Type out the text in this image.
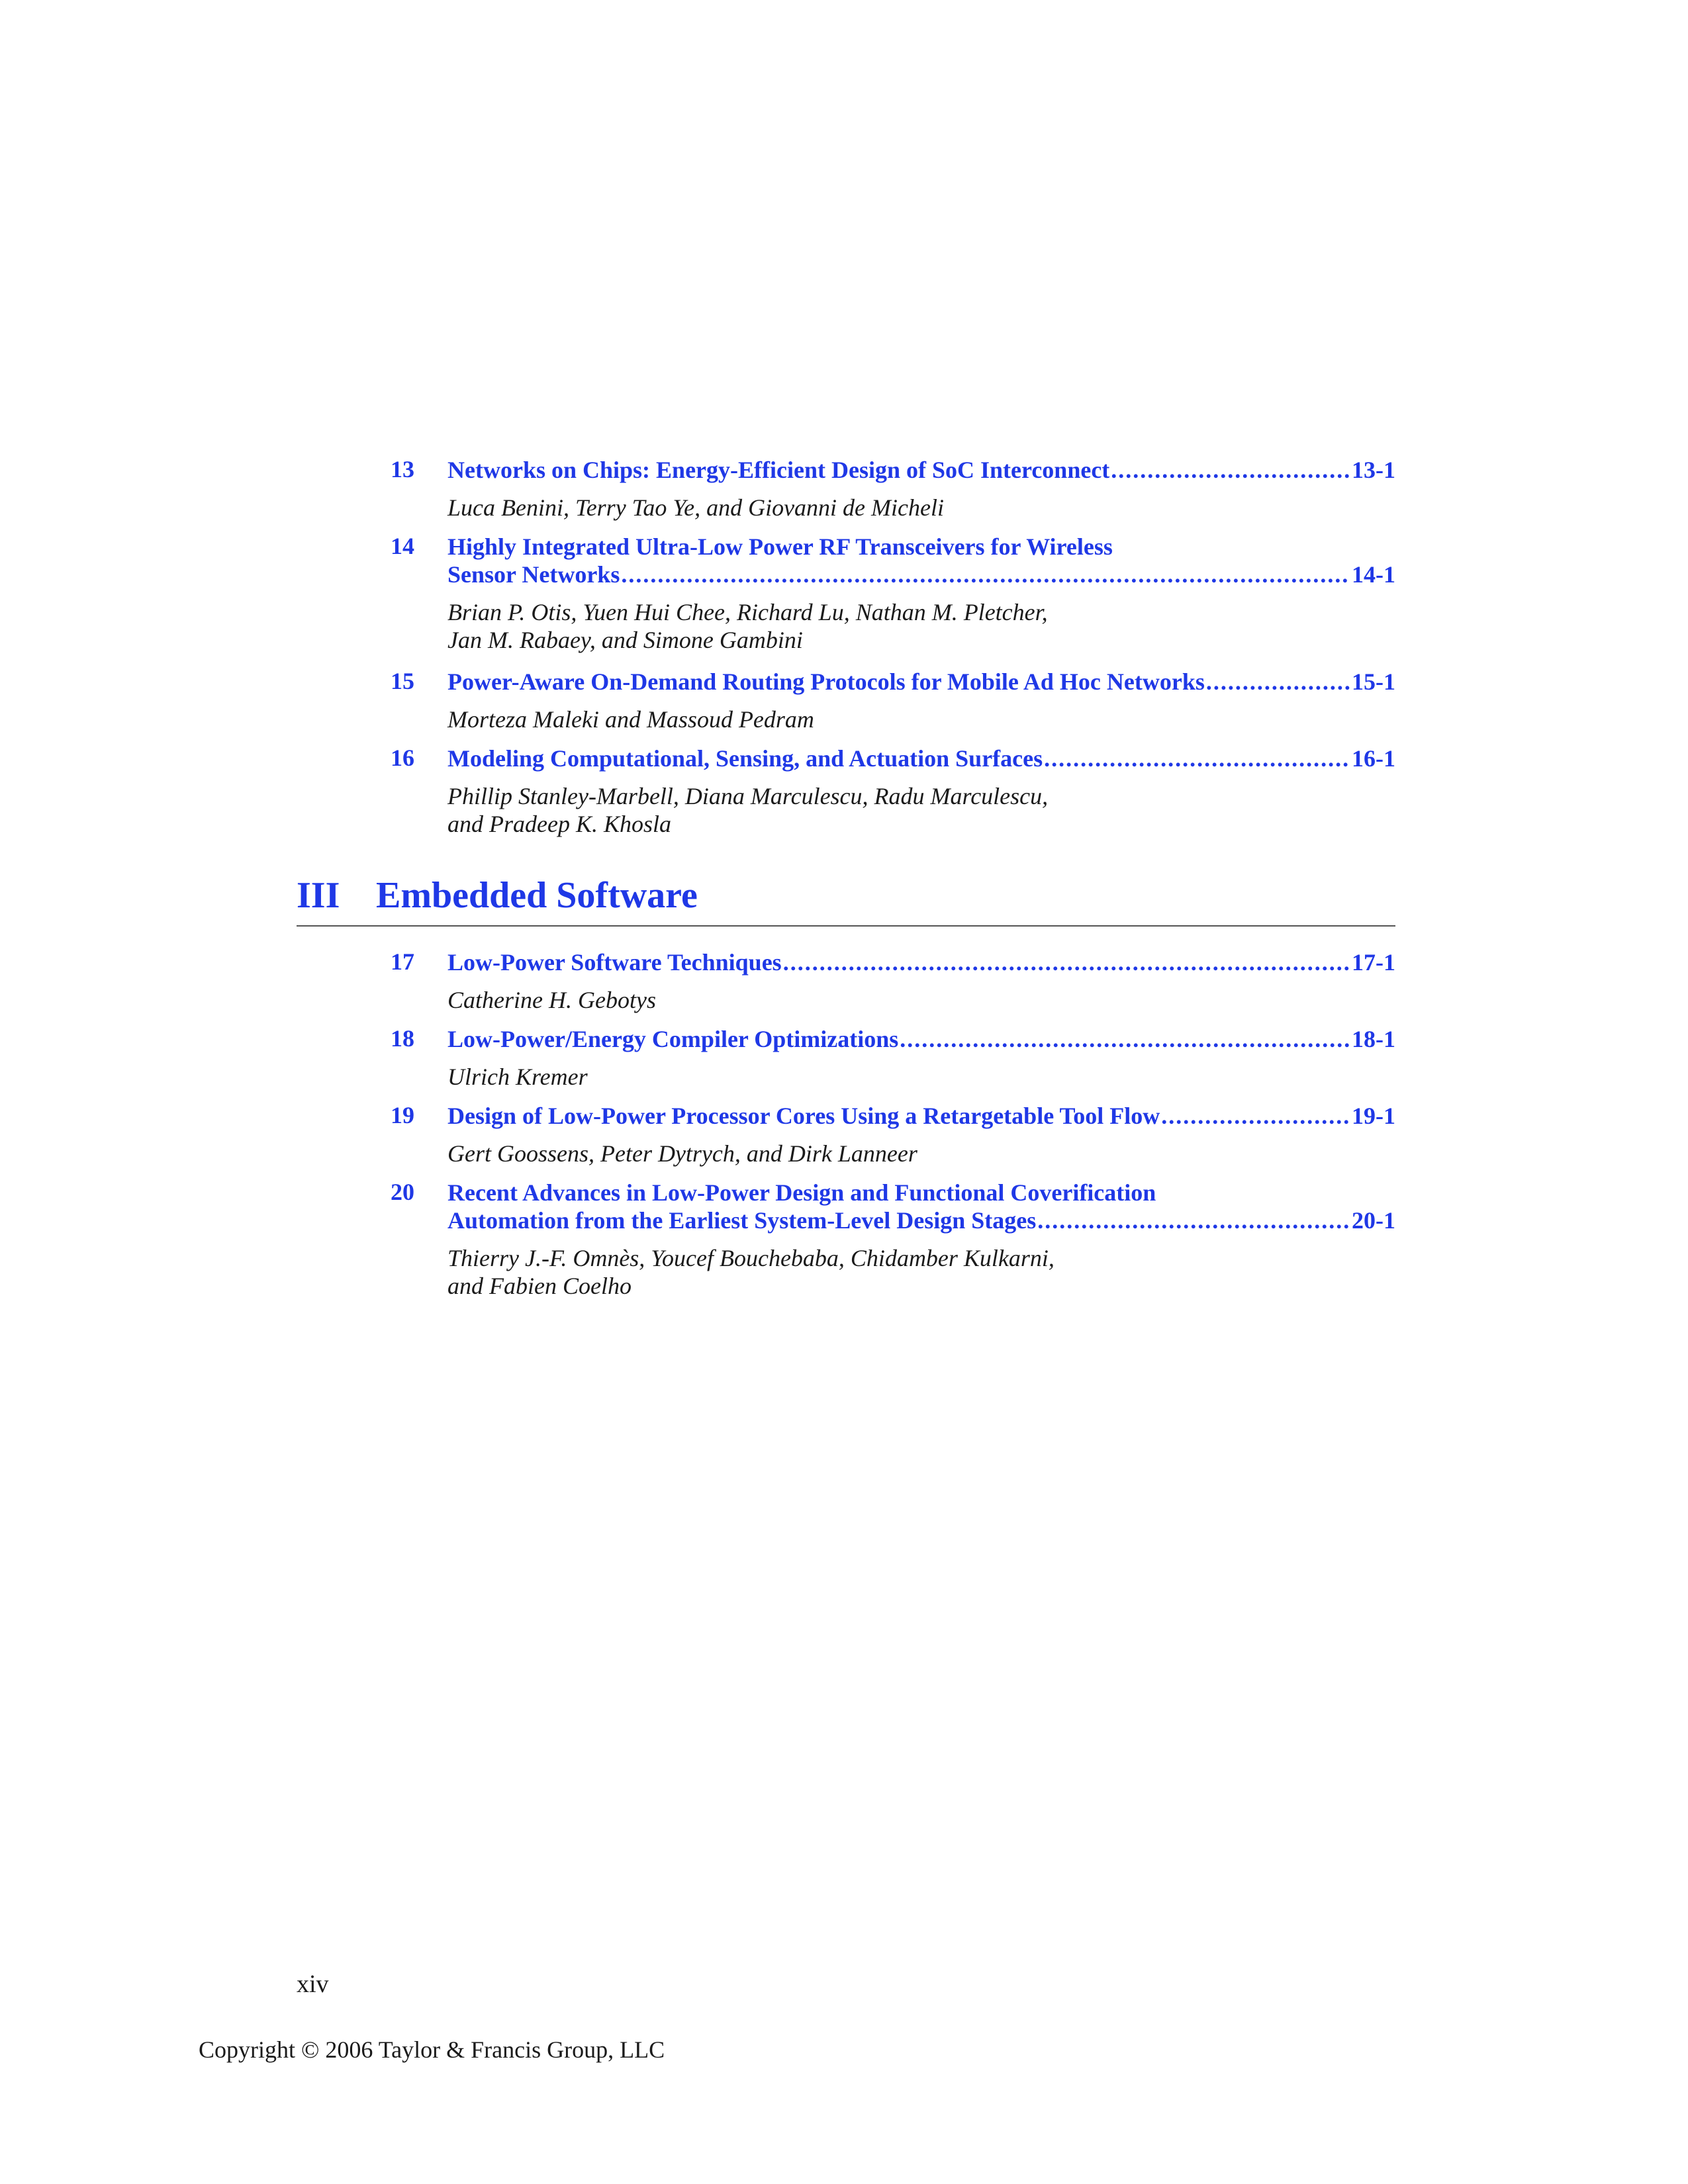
13	Networks on Chips: Energy-Efficient Design of SoC Interconnect .....	13-1
Luca Benini, Terry Tao Ye, and Giovanni de Micheli
14	Highly Integrated Ultra-Low Power RF Transceivers for Wireless
Sensor Networks .....	14-1
Brian P. Otis, Yuen Hui Chee, Richard Lu, Nathan M. Pletcher,
Jan M. Rabaey, and Simone Gambini
15	Power-Aware On-Demand Routing Protocols for Mobile Ad Hoc Networks .....	15-1
Morteza Maleki and Massoud Pedram
16	Modeling Computational, Sensing, and Actuation Surfaces .....	16-1
Phillip Stanley-Marbell, Diana Marculescu, Radu Marculescu,
and Pradeep K. Khosla
III Embedded Software
17	Low-Power Software Techniques .....	17-1
Catherine H. Gebotys
18	Low-Power/Energy Compiler Optimizations .....	18-1
Ulrich Kremer
19	Design of Low-Power Processor Cores Using a Retargetable Tool Flow .....	19-1
Gert Goossens, Peter Dytrych, and Dirk Lanneer
20	Recent Advances in Low-Power Design and Functional Coverification
Automation from the Earliest System-Level Design Stages .....	20-1
Thierry J.-F. Omnès, Youcef Bouchebaba, Chidamber Kulkarni,
and Fabien Coelho
xiv
Copyright © 2006 Taylor & Francis Group, LLC
